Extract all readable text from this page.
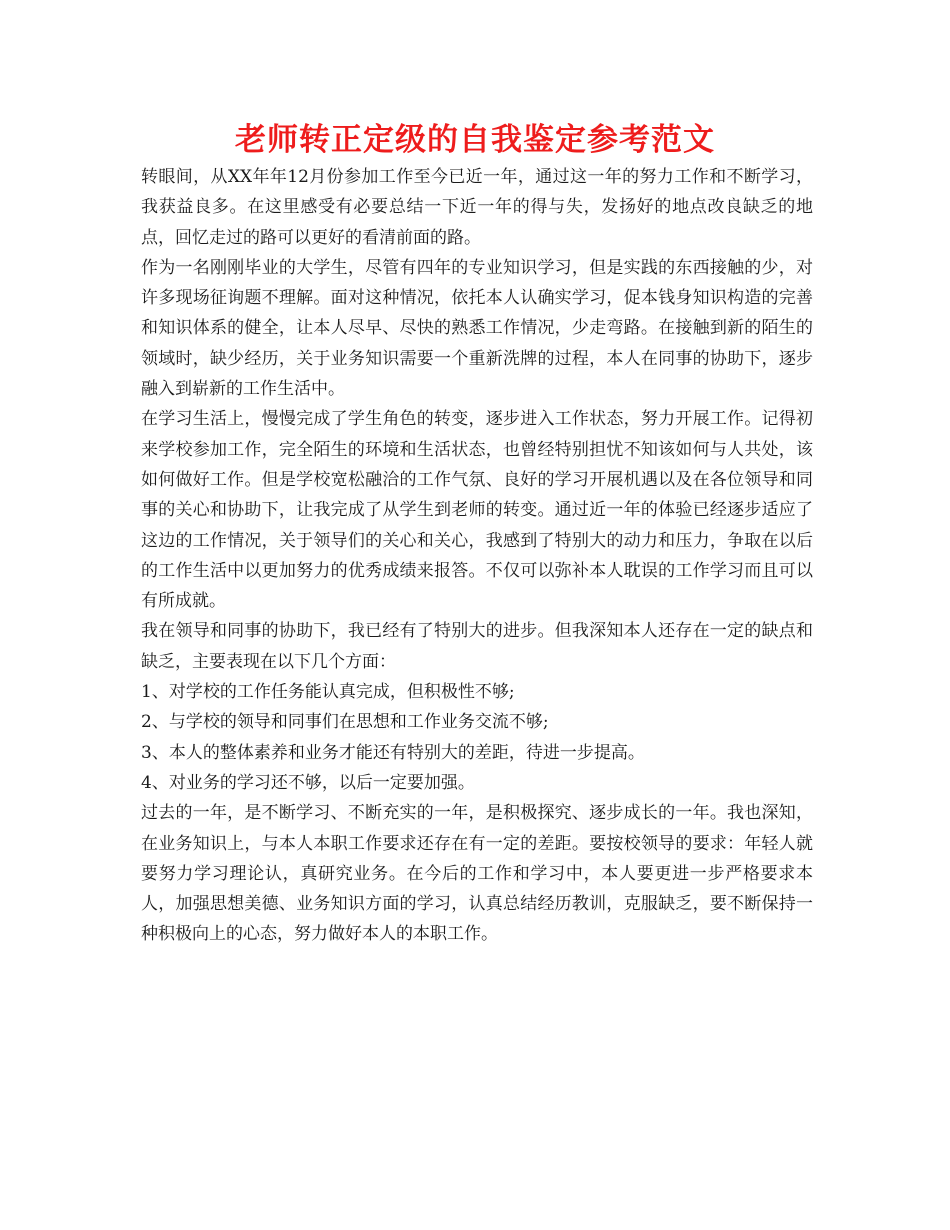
老师转正定级的自我鉴定参考范文

转眼间，从XX年年12月份参加工作至今已近一年，通过这一年的努力工作和不断学习，我获益良多。在这里感受有必要总结一下近一年的得与失，发扬好的地点改良缺乏的地点，回忆走过的路可以更好的看清前面的路。

作为一名刚刚毕业的大学生，尽管有四年的专业知识学习，但是实践的东西接触的少，对许多现场征询题不理解。面对这种情况，依托本人认确实学习，促本钱身知识构造的完善和知识体系的健全，让本人尽早、尽快的熟悉工作情况，少走弯路。在接触到新的陌生的领域时，缺少经历，关于业务知识需要一个重新洗牌的过程，本人在同事的协助下，逐步融入到崭新的工作生活中。

在学习生活上，慢慢完成了学生角色的转变，逐步进入工作状态，努力开展工作。记得初来学校参加工作，完全陌生的环境和生活状态，也曾经特别担忧不知该如何与人共处，该如何做好工作。但是学校宽松融洽的工作气氛、良好的学习开展机遇以及在各位领导和同事的关心和协助下，让我完成了从学生到老师的转变。通过近一年的体验已经逐步适应了这边的工作情况，关于领导们的关心和关心，我感到了特别大的动力和压力，争取在以后的工作生活中以更加努力的优秀成绩来报答。不仅可以弥补本人耽误的工作学习而且可以有所成就。

我在领导和同事的协助下，我已经有了特别大的进步。但我深知本人还存在一定的缺点和缺乏，主要表现在以下几个方面：

1、对学校的工作任务能认真完成，但积极性不够;

2、与学校的领导和同事们在思想和工作业务交流不够;

3、本人的整体素养和业务才能还有特别大的差距，待进一步提高。

4、对业务的学习还不够，以后一定要加强。

过去的一年，是不断学习、不断充实的一年，是积极探究、逐步成长的一年。我也深知，在业务知识上，与本人本职工作要求还存在有一定的差距。要按校领导的要求：年轻人就要努力学习理论认，真研究业务。在今后的工作和学习中，本人要更进一步严格要求本人，加强思想美德、业务知识方面的学习，认真总结经历教训，克服缺乏，要不断保持一种积极向上的心态，努力做好本人的本职工作。
